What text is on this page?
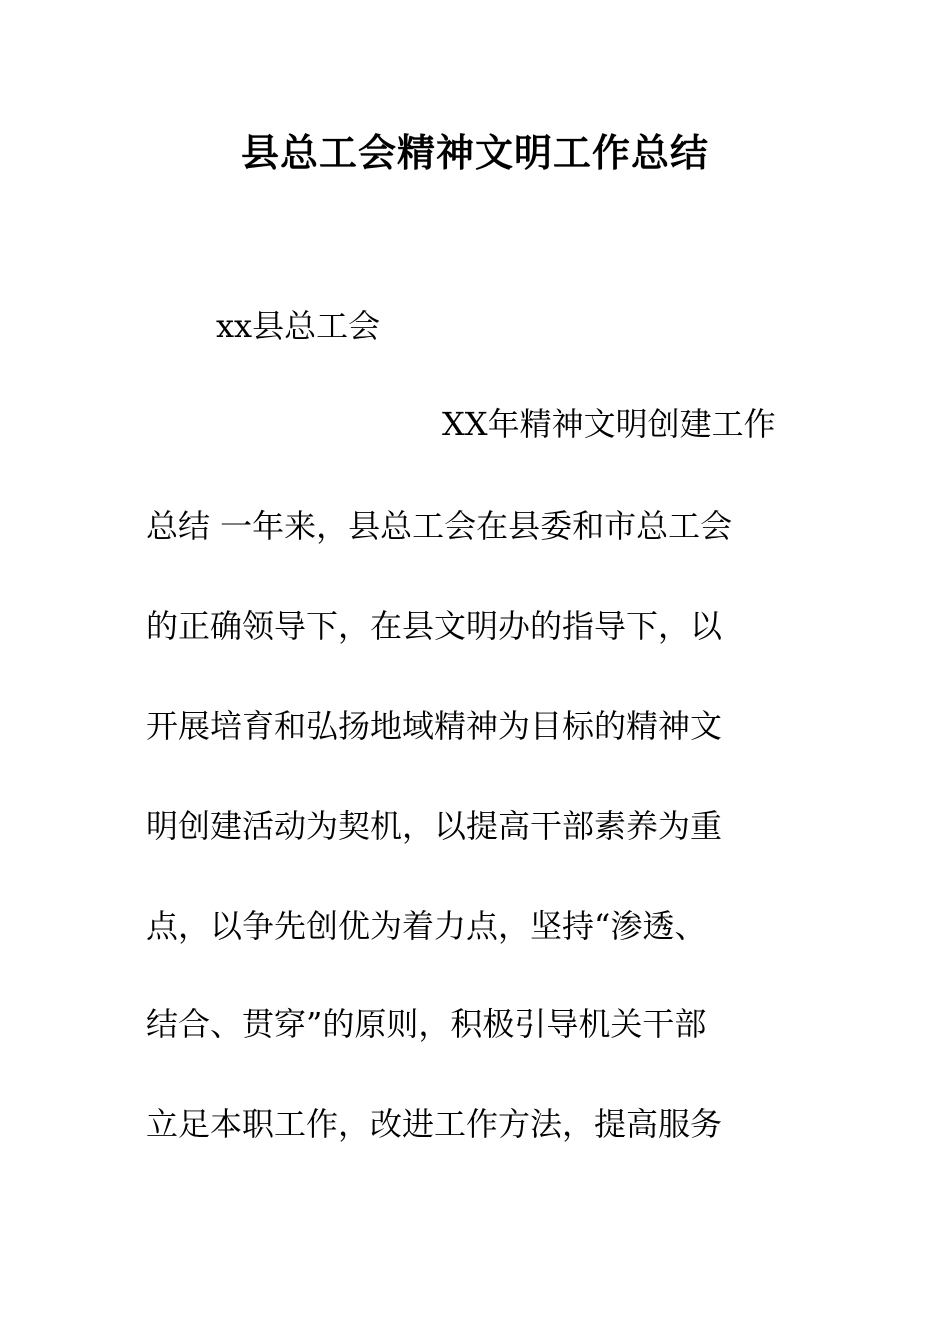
县总工会精神文明工作总结
xx县总工会
XX年精神文明创建工作
总结 一年来，县总工会在县委和市总工会
的正确领导下，在县文明办的指导下，以
开展培育和弘扬地域精神为目标的精神文
明创建活动为契机，以提高干部素养为重
点，以争先创优为着力点，坚持“渗透、
结合、贯穿”的原则，积极引导机关干部
立足本职工作，改进工作方法，提高服务
